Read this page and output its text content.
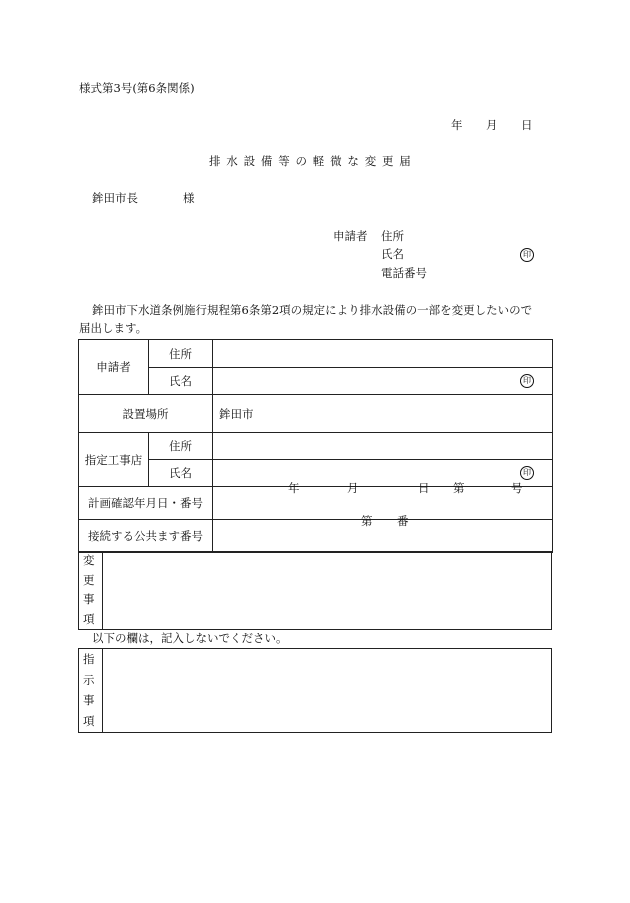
様式第3号(第6条関係)
年 月 日
排水設備等の軽微な変更届
鉾田市長	様
申請者 住所
氏名	印
電話番号
鉾田市下水道条例施行規程第6条第2項の規定により排水設備の一部を変更したいので
届出します。
申請者	住所	
	氏名	印

設置場所		鉾田市
指定工事店	住所	
	氏名	印

計画確認年月日・番号		年 月 日 第 号

接続する公共ます番号		第 番
変
更
事
項
以下の欄は，記入しないでください。
指
示
事
項
